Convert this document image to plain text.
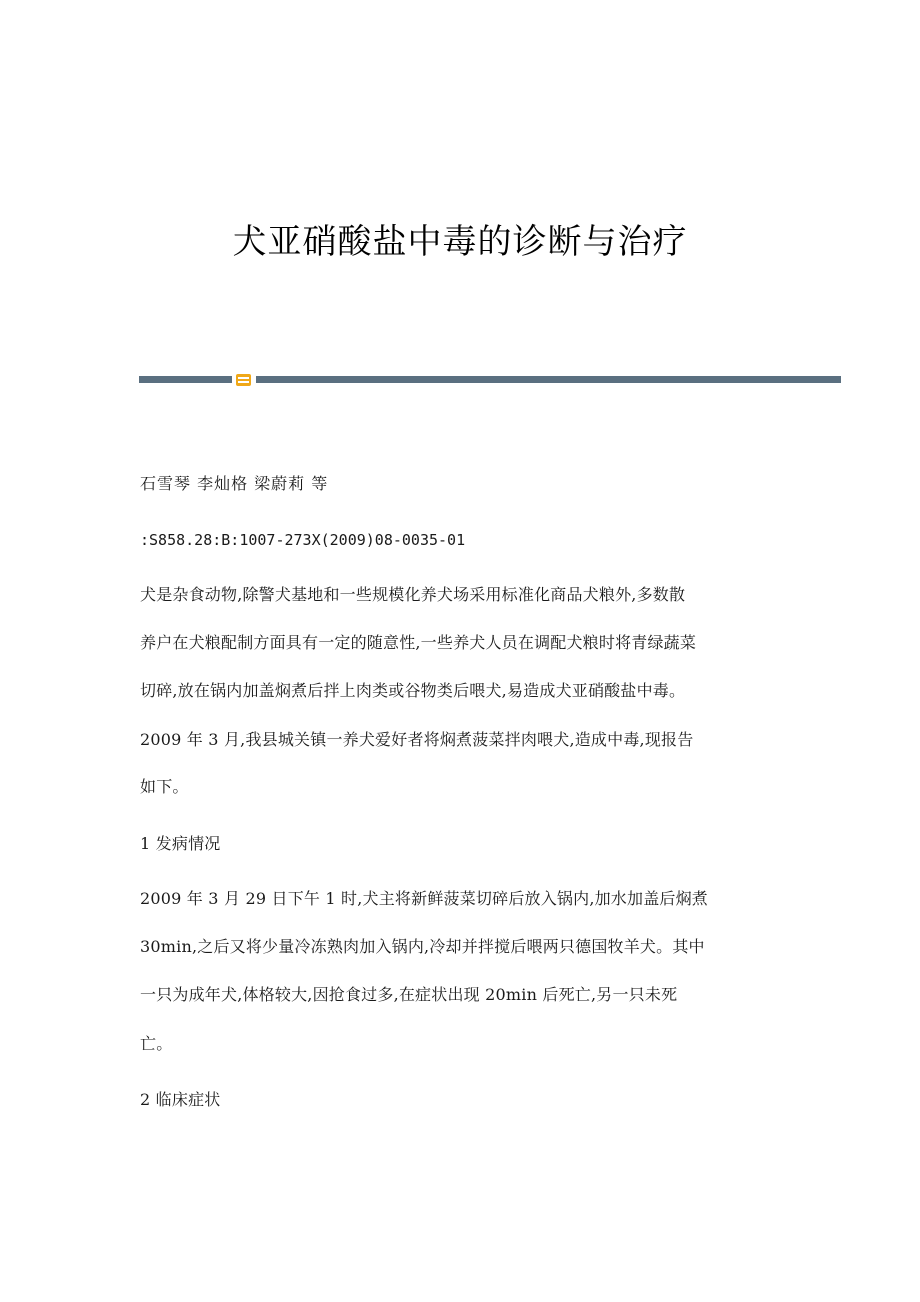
犬亚硝酸盐中毒的诊断与治疗
石雪琴 李灿格 梁蔚莉 等
:S858.28:B:1007-273X(2009)08-0035-01
犬是杂食动物,除警犬基地和一些规模化养犬场采用标准化商品犬粮外,多数散
养户在犬粮配制方面具有一定的随意性,一些养犬人员在调配犬粮时将青绿蔬菜
切碎,放在锅内加盖焖煮后拌上肉类或谷物类后喂犬,易造成犬亚硝酸盐中毒。
2009 年 3 月,我县城关镇一养犬爱好者将焖煮菠菜拌肉喂犬,造成中毒,现报告
如下。
1 发病情况
2009 年 3 月 29 日下午 1 时,犬主将新鲜菠菜切碎后放入锅内,加水加盖后焖煮
30min,之后又将少量冷冻熟肉加入锅内,冷却并拌搅后喂两只德国牧羊犬。其中
一只为成年犬,体格较大,因抢食过多,在症状出现 20min 后死亡,另一只未死
亡。
2 临床症状
